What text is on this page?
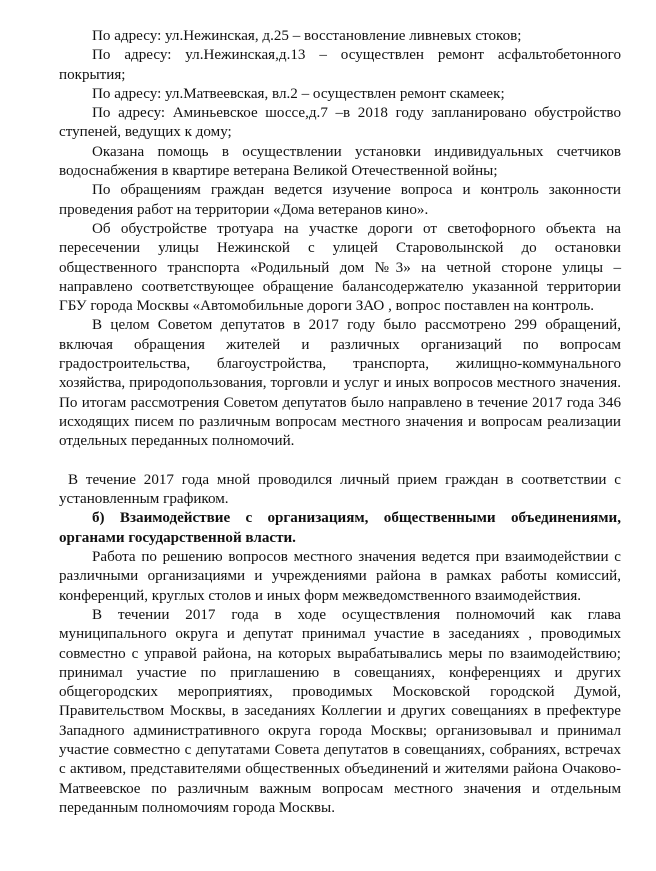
По адресу: ул.Нежинская, д.25 – восстановление ливневых стоков;

По адресу: ул.Нежинская,д.13 – осуществлен ремонт асфальтобетонного покрытия;

По адресу: ул.Матвеевская, вл.2 – осуществлен ремонт скамеек;

По адресу: Аминьевское шоссе,д.7 –в 2018 году запланировано обустройство ступеней, ведущих к дому;

Оказана помощь в осуществлении установки индивидуальных счетчиков водоснабжения в квартире ветерана Великой Отечественной войны;

По обращениям граждан ведется изучение вопроса и контроль законности проведения работ на территории «Дома ветеранов кино».

Об обустройстве тротуара на участке дороги от светофорного объекта на пересечении улицы Нежинской с улицей Староволынской до остановки общественного транспорта «Родильный дом №3» на четной стороне улицы – направлено соответствующее обращение балансодержателю указанной территории ГБУ города Москвы «Автомобильные дороги ЗАО , вопрос поставлен на контроль.

В целом Советом депутатов в 2017 году было рассмотрено 299 обращений, включая обращения жителей и различных организаций по вопросам градостроительства, благоустройства, транспорта, жилищно-коммунального хозяйства, природопользования, торговли и услуг и иных вопросов местного значения. По итогам рассмотрения Советом депутатов было направлено в течение 2017 года 346 исходящих писем по различным вопросам местного значения и вопросам реализации отдельных переданных полномочий.

В течение 2017 года мной проводился личный прием граждан в соответствии с установленным графиком.

б) Взаимодействие с организациям, общественными объединениями, органами государственной власти.

Работа по решению вопросов местного значения ведется при взаимодействии с различными организациями и учреждениями района в рамках работы комиссий, конференций, круглых столов и иных форм межведомственного взаимодействия.

В течении 2017 года в ходе осуществления полномочий как глава муниципального округа и депутат принимал участие в заседаниях , проводимых совместно с управой района, на которых вырабатывались меры по взаимодействию; принимал участие по приглашению в совещаниях, конференциях и других общегородских мероприятиях, проводимых Московской городской Думой, Правительством Москвы, в заседаниях Коллегии и других совещаниях в префектуре Западного административного округа города Москвы; организовывал и принимал участие совместно с депутатами Совета депутатов в совещаниях, собраниях, встречах с активом, представителями общественных объединений и жителями района Очаково-Матвеевское по различным важным вопросам местного значения и отдельным переданным полномочиям города Москвы.
